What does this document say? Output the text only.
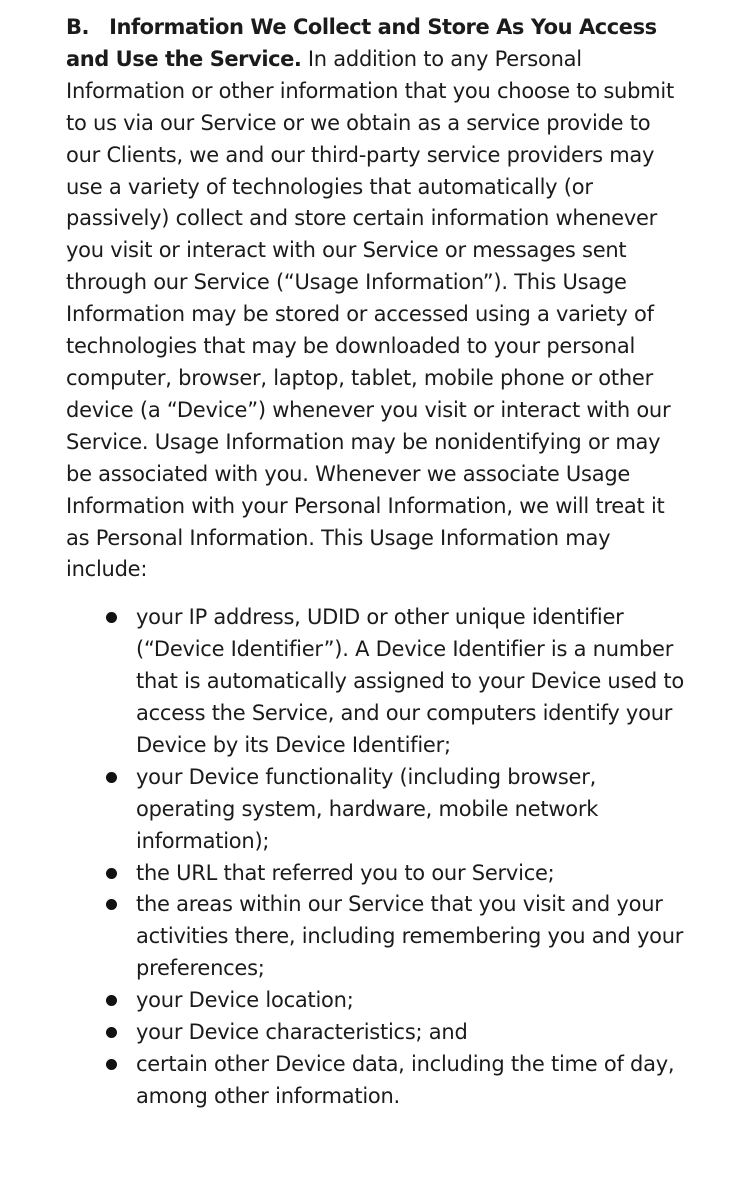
B. Information We Collect and Store As You Access and Use the Service. In addition to any Personal Information or other information that you choose to submit to us via our Service or we obtain as a service provide to our Clients, we and our third-party service providers may use a variety of technologies that automatically (or passively) collect and store certain information whenever you visit or interact with our Service or messages sent through our Service (“Usage Information”). This Usage Information may be stored or accessed using a variety of technologies that may be downloaded to your personal computer, browser, laptop, tablet, mobile phone or other device (a “Device”) whenever you visit or interact with our Service. Usage Information may be nonidentifying or may be associated with you. Whenever we associate Usage Information with your Personal Information, we will treat it as Personal Information. This Usage Information may include:

your IP address, UDID or other unique identifier (“Device Identifier”). A Device Identifier is a number that is automatically assigned to your Device used to access the Service, and our computers identify your Device by its Device Identifier;
your Device functionality (including browser, operating system, hardware, mobile network information);
the URL that referred you to our Service;
the areas within our Service that you visit and your activities there, including remembering you and your preferences;
your Device location;
your Device characteristics; and
certain other Device data, including the time of day, among other information.
